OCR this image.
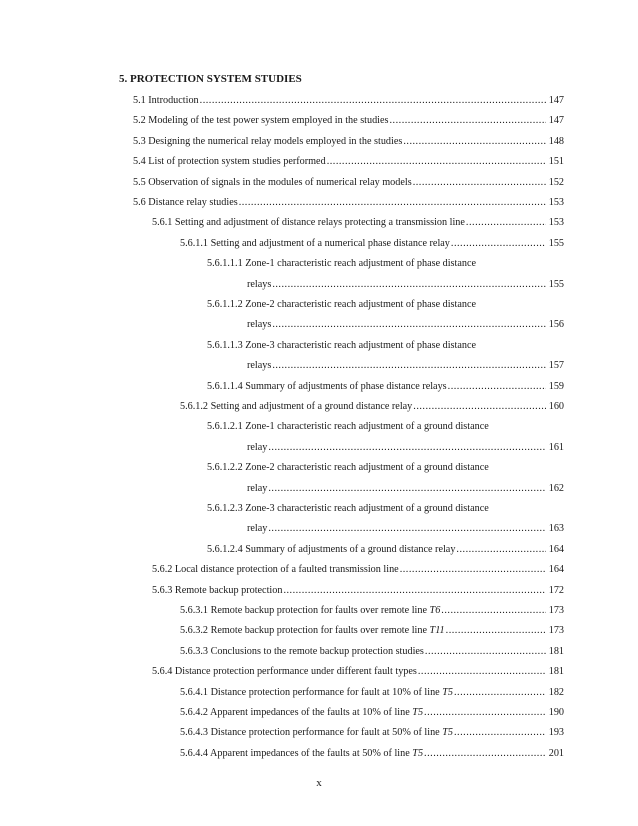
5. PROTECTION SYSTEM STUDIES
5.1 Introduction .....	147
5.2 Modeling of the test power system employed in the studies .....	147
5.3 Designing the numerical relay models employed in the studies .....	148
5.4 List of protection system studies performed .....	151
5.5 Observation of signals in the modules of numerical relay models .....	152
5.6 Distance relay studies .....	153
5.6.1 Setting and adjustment of distance relays protecting a transmission line .....	153
5.6.1.1 Setting and adjustment of a numerical phase distance relay .....	155
5.6.1.1.1 Zone-1 characteristic reach adjustment of phase distance
relays .....	155
5.6.1.1.2 Zone-2 characteristic reach adjustment of phase distance
relays .....	156
5.6.1.1.3 Zone-3 characteristic reach adjustment of phase distance
relays .....	157
5.6.1.1.4 Summary of adjustments of phase distance relays .....	159
5.6.1.2 Setting and adjustment of a ground distance relay .....	160
5.6.1.2.1 Zone-1 characteristic reach adjustment of a ground distance
relay .....	161
5.6.1.2.2 Zone-2 characteristic reach adjustment of a ground distance
relay .....	162
5.6.1.2.3 Zone-3 characteristic reach adjustment of a ground distance
relay .....	163
5.6.1.2.4 Summary of adjustments of a ground distance relay .....	164
5.6.2 Local distance protection of a faulted transmission line .....	164
5.6.3 Remote backup protection .....	172
5.6.3.1 Remote backup protection for faults over remote line T6 .....	173
5.6.3.2 Remote backup protection for faults over remote line T11 .....	173
5.6.3.3 Conclusions to the remote backup protection studies .....	181
5.6.4 Distance protection performance under different fault types .....	181
5.6.4.1 Distance protection performance for fault at 10% of line T5 .....	182
5.6.4.2 Apparent impedances of the faults at 10% of line T5 .....	190
5.6.4.3 Distance protection performance for fault at 50% of line T5 .....	193
5.6.4.4 Apparent impedances of the faults at 50% of line T5 .....	201
x
